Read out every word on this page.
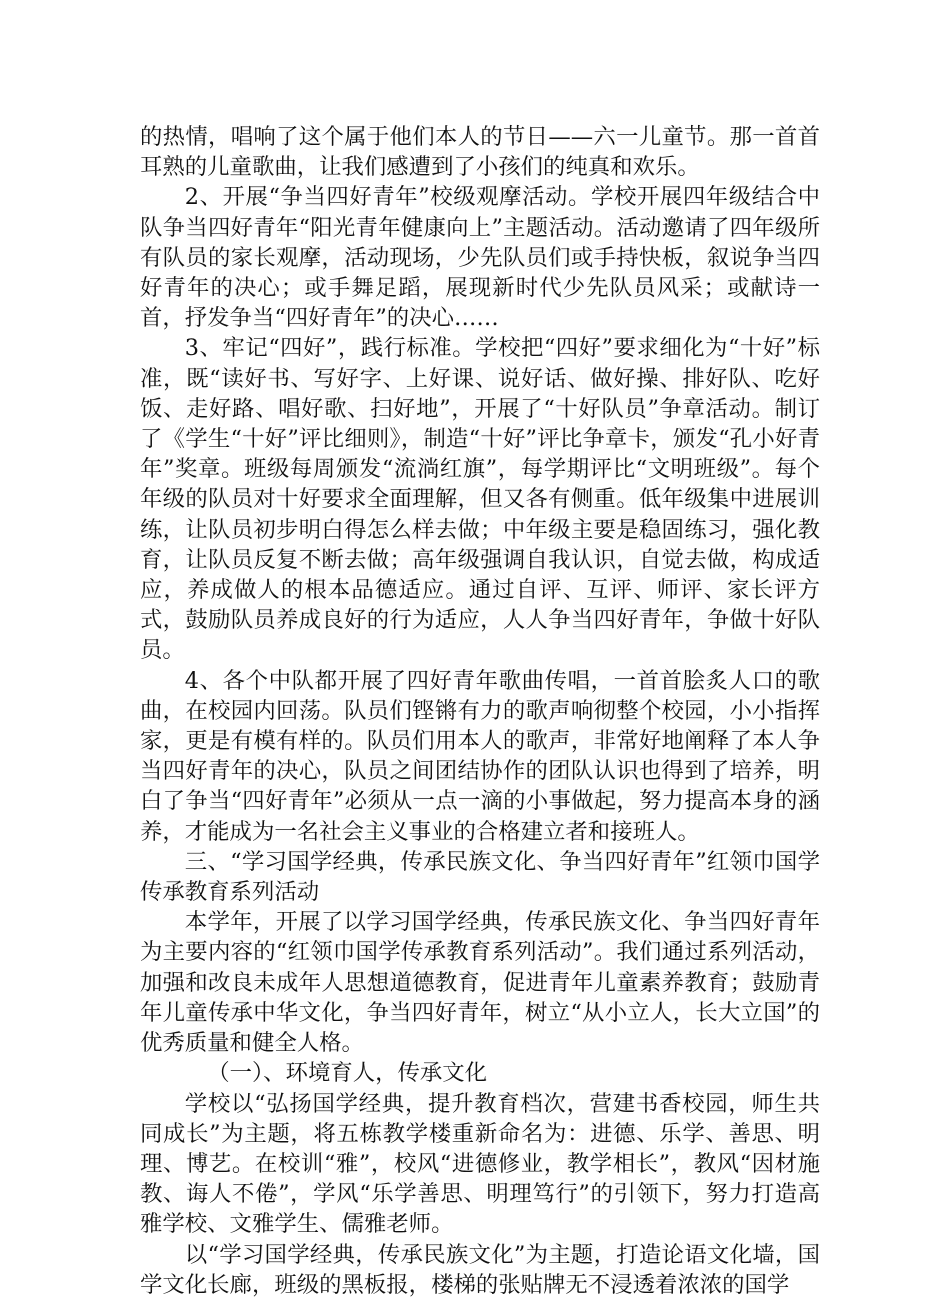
的热情，唱响了这个属于他们本人的节日——六一儿童节。那一首首耳熟的儿童歌曲，让我们感遭到了小孩们的纯真和欢乐。

2、开展“争当四好青年”校级观摩活动。学校开展四年级结合中队争当四好青年“阳光青年健康向上”主题活动。活动邀请了四年级所有队员的家长观摩，活动现场，少先队员们或手持快板，叙说争当四好青年的决心；或手舞足蹈，展现新时代少先队员风采；或献诗一首，抒发争当“四好青年”的决心……

3、牢记“四好”，践行标准。学校把“四好”要求细化为“十好”标准，既“读好书、写好字、上好课、说好话、做好操、排好队、吃好饭、走好路、唱好歌、扫好地”，开展了“十好队员”争章活动。制订了《学生“十好”评比细则》，制造“十好”评比争章卡，颁发“孔小好青年”奖章。班级每周颁发“流淌红旗”，每学期评比“文明班级”。每个年级的队员对十好要求全面理解，但又各有侧重。低年级集中进展训练，让队员初步明白得怎么样去做；中年级主要是稳固练习，强化教育，让队员反复不断去做；高年级强调自我认识，自觉去做，构成适应，养成做人的根本品德适应。通过自评、互评、师评、家长评方式，鼓励队员养成良好的行为适应，人人争当四好青年，争做十好队员。

4、各个中队都开展了四好青年歌曲传唱，一首首脍炙人口的歌曲，在校园内回荡。队员们铿锵有力的歌声响彻整个校园，小小指挥家，更是有模有样的。队员们用本人的歌声，非常好地阐释了本人争当四好青年的决心，队员之间团结协作的团队认识也得到了培养，明白了争当“四好青年”必须从一点一滴的小事做起，努力提高本身的涵养，才能成为一名社会主义事业的合格建立者和接班人。

三、“学习国学经典，传承民族文化、争当四好青年”红领巾国学传承教育系列活动

本学年，开展了以学习国学经典，传承民族文化、争当四好青年为主要内容的“红领巾国学传承教育系列活动”。我们通过系列活动，加强和改良未成年人思想道德教育，促进青年儿童素养教育；鼓励青年儿童传承中华文化，争当四好青年，树立“从小立人，长大立国”的优秀质量和健全人格。

（一）、环境育人，传承文化

学校以“弘扬国学经典，提升教育档次，营建书香校园，师生共同成长”为主题，将五栋教学楼重新命名为：进德、乐学、善思、明理、博艺。在校训“雅”，校风“进德修业，教学相长”，教风“因材施教、诲人不倦”，学风“乐学善思、明理笃行”的引领下，努力打造高雅学校、文雅学生、儒雅老师。

以“学习国学经典，传承民族文化”为主题，打造论语文化墙，国学文化长廊，班级的黑板报，楼梯的张贴牌无不浸透着浓浓的国学
